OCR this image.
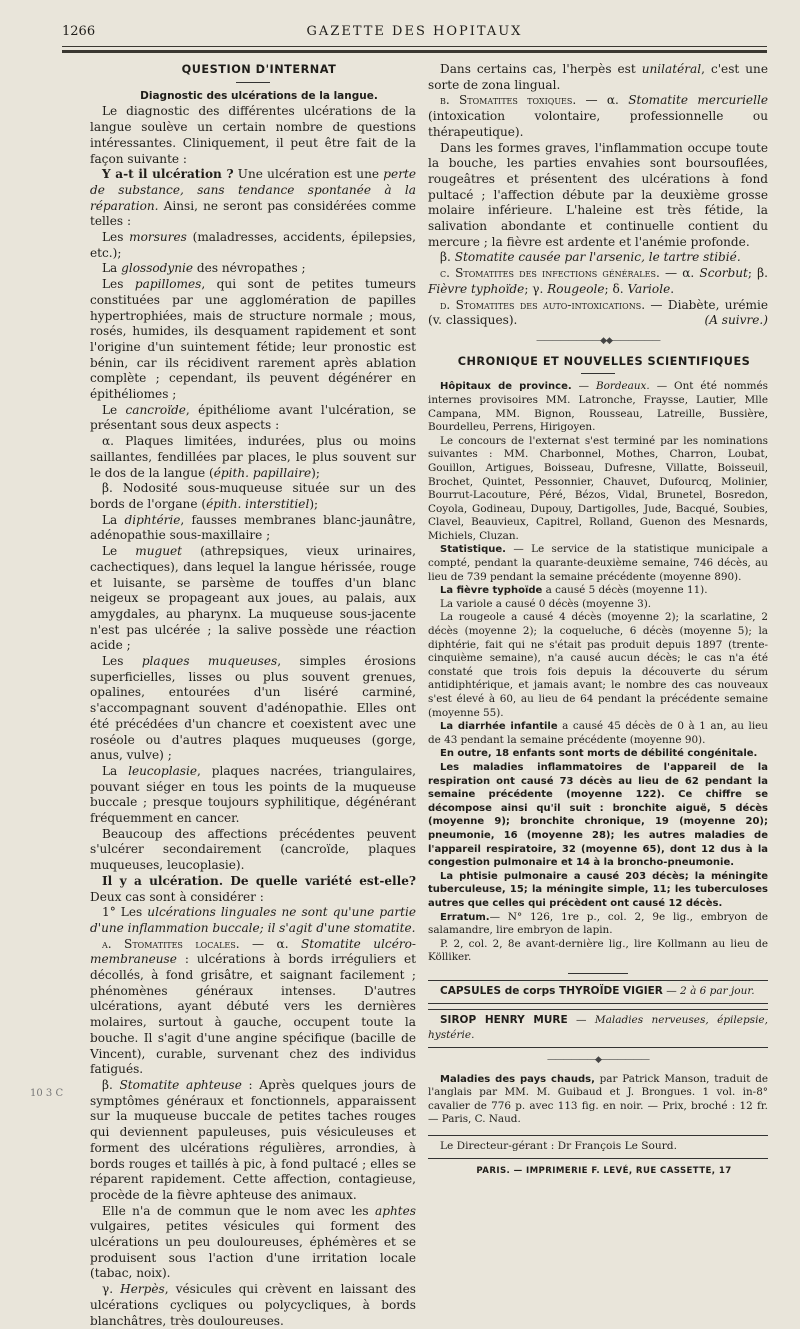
1266	GAZETTE DES HOPITAUX

QUESTION D'INTERNAT

Diagnostic des ulcérations de la langue.

Le diagnostic des différentes ulcérations de la langue soulève un certain nombre de questions intéressantes. Cliniquement, il peut être fait de la façon suivante :

Y a-t il ulcération ? Une ulcération est une perte de substance, sans tendance spontanée à la réparation. Ainsi, ne seront pas considérées comme telles :

Les morsures (maladresses, accidents, épilepsies, etc.);

La glossodynie des névropathes ;

Les papillomes, qui sont de petites tumeurs constituées par une agglomération de papilles hypertrophiées, mais de structure normale ; mous, rosés, humides, ils desquament rapidement et sont l'origine d'un suintement fétide; leur pronostic est bénin, car ils récidivent rarement après ablation complète ; cependant, ils peuvent dégénérer en épithéliomes ;

Le cancroïde, épithéliome avant l'ulcération, se présentant sous deux aspects :

α. Plaques limitées, indurées, plus ou moins saillantes, fendillées par places, le plus souvent sur le dos de la langue (épith. papillaire);

β. Nodosité sous-muqueuse située sur un des bords de l'organe (épith. interstitiel);

La diphtérie, fausses membranes blanc-jaunâtre, adénopathie sous-maxillaire ;

Le muguet (athrepsiques, vieux urinaires, cachectiques), dans lequel la langue hérissée, rouge et luisante, se parsème de touffes d'un blanc neigeux se propageant aux joues, au palais, aux amygdales, au pharynx. La muqueuse sous-jacente n'est pas ulcérée ; la salive possède une réaction acide ;

Les plaques muqueuses, simples érosions superficielles, lisses ou plus souvent grenues, opalines, entourées d'un liséré carminé, s'accompagnant souvent d'adénopathie. Elles ont été précédées d'un chancre et coexistent avec une roséole ou d'autres plaques muqueuses (gorge, anus, vulve) ;

La leucoplasie, plaques nacrées, triangulaires, pouvant siéger en tous les points de la muqueuse buccale ; presque toujours syphilitique, dégénérant fréquemment en cancer.

Beaucoup des affections précédentes peuvent s'ulcérer secondairement (cancroïde, plaques muqueuses, leucoplasie).

Il y a ulcération. De quelle variété est-elle? Deux cas sont à considérer :

1° Les ulcérations linguales ne sont qu'une partie d'une inflammation buccale; il s'agit d'une stomatite.

a. Stomatites locales. — α. Stomatite ulcéro-membraneuse : ulcérations à bords irréguliers et décollés, à fond grisâtre, et saignant facilement ; phénomènes généraux intenses. D'autres ulcérations, ayant débuté vers les dernières molaires, surtout à gauche, occupent toute la bouche. Il s'agit d'une angine spécifique (bacille de Vincent), curable, survenant chez des individus fatigués.

β. Stomatite aphteuse : Après quelques jours de symptômes généraux et fonctionnels, apparaissent sur la muqueuse buccale de petites taches rouges qui deviennent papuleuses, puis vésiculeuses et forment des ulcérations régulières, arrondies, à bords rouges et taillés à pic, à fond pultacé ; elles se réparent rapidement. Cette affection, contagieuse, procède de la fièvre aphteuse des animaux.

Elle n'a de commun que le nom avec les aphtes vulgaires, petites vésicules qui forment des ulcérations un peu douloureuses, éphémères et se produisent sous l'action d'une irritation locale (tabac, noix).

γ. Herpès, vésicules qui crèvent en laissant des ulcérations cycliques ou polycycliques, à bords blanchâtres, très douloureuses.

Dans certains cas, l'herpès est unilatéral, c'est une sorte de zona lingual.

b. Stomatites toxiques. — α. Stomatite mercurielle (intoxication volontaire, professionnelle ou thérapeutique).

Dans les formes graves, l'inflammation occupe toute la bouche, les parties envahies sont boursouflées, rougeâtres et présentent des ulcérations à fond pultacé ; l'affection débute par la deuxième grosse molaire inférieure. L'haleine est très fétide, la salivation abondante et continuelle contient du mercure ; la fièvre est ardente et l'anémie profonde.

β. Stomatite causée par l'arsenic, le tartre stibié.

c. Stomatites des infections générales. — α. Scorbut; β. Fièvre typhoïde; γ. Rougeole; δ. Variole.

d. Stomatites des auto-intoxications. — Diabète, urémie (v. classiques).	(A suivre.)

————————◆◆——————

CHRONIQUE ET NOUVELLES SCIENTIFIQUES

Hôpitaux de province. — Bordeaux. — Ont été nommés internes provisoires MM. Latronche, Fraysse, Lautier, Mlle Campana, MM. Bignon, Rousseau, Latreille, Bussière, Bourdelleu, Perrens, Hirigoyen.

Le concours de l'externat s'est terminé par les nominations suivantes : MM. Charbonnel, Mothes, Charron, Loubat, Gouillon, Artigues, Boisseau, Dufresne, Villatte, Boisseuil, Brochet, Quintet, Pessonnier, Chauvet, Dufourcq, Molinier, Bourrut-Lacouture, Péré, Bézos, Vidal, Brunetel, Bosredon, Coyola, Godineau, Dupouy, Dartigolles, Jude, Bacqué, Soubies, Clavel, Beauvieux, Capitrel, Rolland, Guenon des Mesnards, Michiels, Cluzan.

Statistique. — Le service de la statistique municipale a compté, pendant la quarante-deuxième semaine, 746 décès, au lieu de 739 pendant la semaine précédente (moyenne 890).

La fièvre typhoïde a causé 5 décès (moyenne 11).

La variole a causé 0 décès (moyenne 3).

La rougeole a causé 4 décès (moyenne 2); la scarlatine, 2 décès (moyenne 2); la coqueluche, 6 décès (moyenne 5); la diphtérie, fait qui ne s'était pas produit depuis 1897 (trente-cinquième semaine), n'a causé aucun décès; le cas n'a été constaté que trois fois depuis la découverte du sérum antidiphtérique, et jamais avant; le nombre des cas nouveaux s'est élevé à 60, au lieu de 64 pendant la précédente semaine (moyenne 55).

La diarrhée infantile a causé 45 décès de 0 à 1 an, au lieu de 43 pendant la semaine précédente (moyenne 90).

En outre, 18 enfants sont morts de débilité congénitale.

Les maladies inflammatoires de l'appareil de la respiration ont causé 73 décès au lieu de 62 pendant la semaine précédente (moyenne 122). Ce chiffre se décompose ainsi qu'il suit : bronchite aiguë, 5 décès (moyenne 9); bronchite chronique, 19 (moyenne 20); pneumonie, 16 (moyenne 28); les autres maladies de l'appareil respiratoire, 32 (moyenne 65), dont 12 dus à la congestion pulmonaire et 14 à la broncho-pneumonie.

La phtisie pulmonaire a causé 203 décès; la méningite tuberculeuse, 15; la méningite simple, 11; les tuberculoses autres que celles qui précèdent ont causé 12 décès.

Erratum.— N° 126, 1re p., col. 2, 9e lig., embryon de salamandre, lire embryon de lapin.

P. 2, col. 2, 8e avant-dernière lig., lire Kollmann au lieu de Kölliker.

CAPSULES de corps THYROÏDE VIGIER — 2 à 6 par jour.

SIROP HENRY MURE — Maladies nerveuses, épilepsie, hystérie.

——————◆——————

Maladies des pays chauds, par Patrick Manson, traduit de l'anglais par MM. M. Guibaud et J. Brongues. 1 vol. in-8° cavalier de 776 p. avec 113 fig. en noir. — Prix, broché : 12 fr. — Paris, C. Naud.

Le Directeur-gérant : Dr François Le Sourd.

PARIS. — IMPRIMERIE F. LEVÉ, RUE CASSETTE, 17

10 3 C
